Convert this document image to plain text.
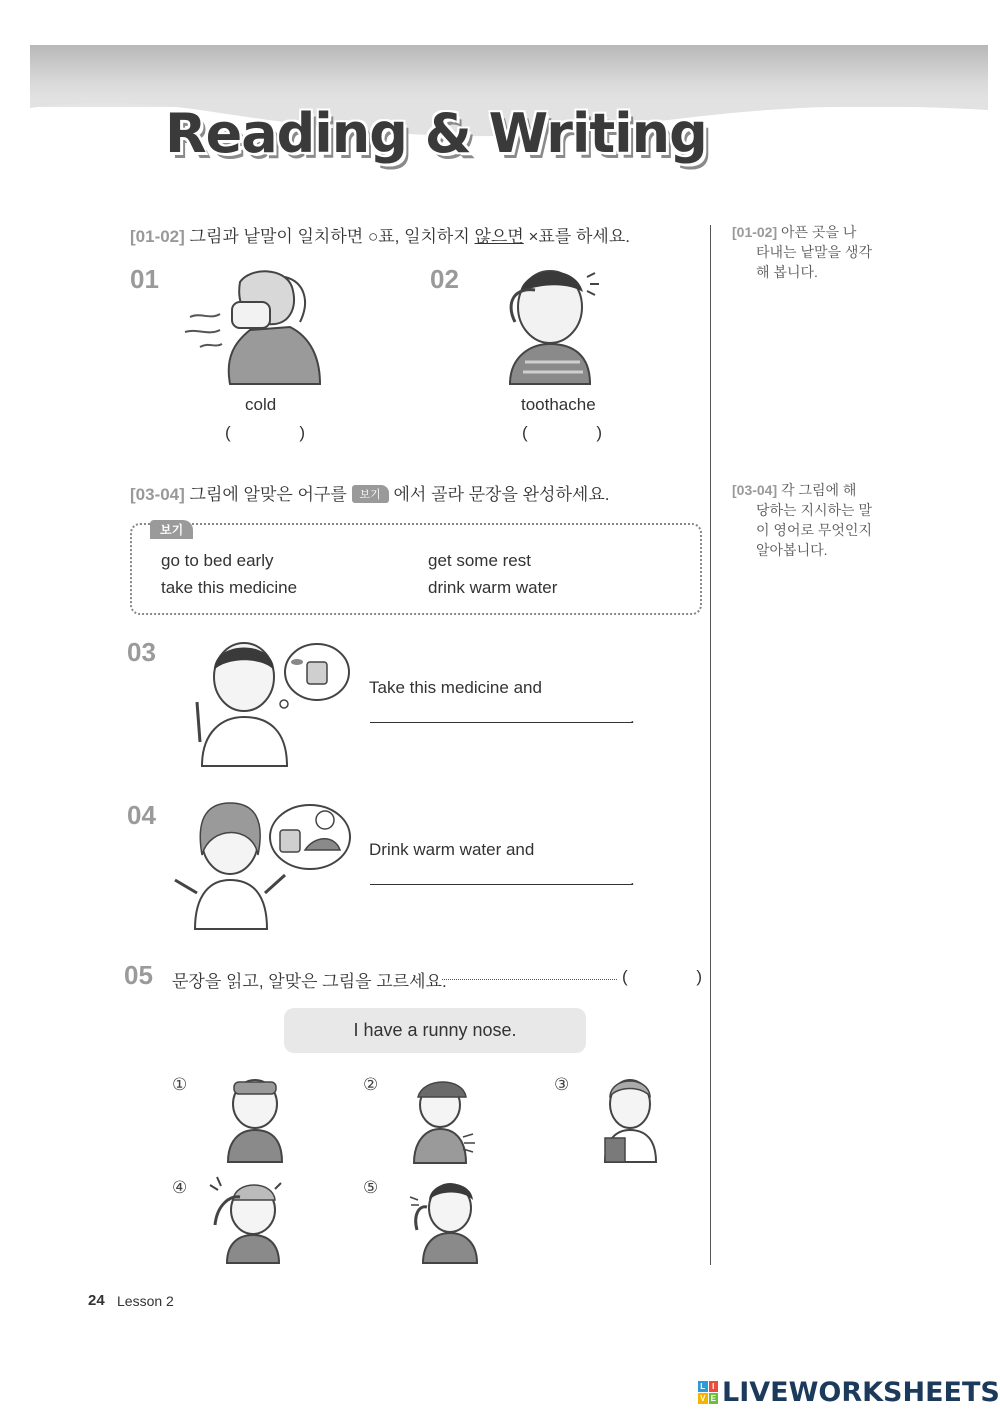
Reading & Writing
[01-02] 그림과 낱말이 일치하면 ○표, 일치하지 않으면 ×표를 하세요.	[01-02] 아픈 곳을 나
타내는 낱말을 생각
해 봅니다.
01
cold
(	)
02
toothache
(	)
[03-04] 그림에 알맞은 어구를 보기 에서 골라 문장을 완성하세요.	[03-04] 각 그림에 해
당하는 지시하는 말
이 영어로 무엇인지
알아봅니다.
보기
go to bed early	get some rest
take this medicine	drink warm water
03
Take this medicine and
.
04
Drink warm water and
.
05 문장을 읽고, 알맞은 그림을 고르세요.	(	)
I have a runny nose.
①	②	③
④	⑤
24 Lesson 2
L I
V E LIVEWORKSHEETS
